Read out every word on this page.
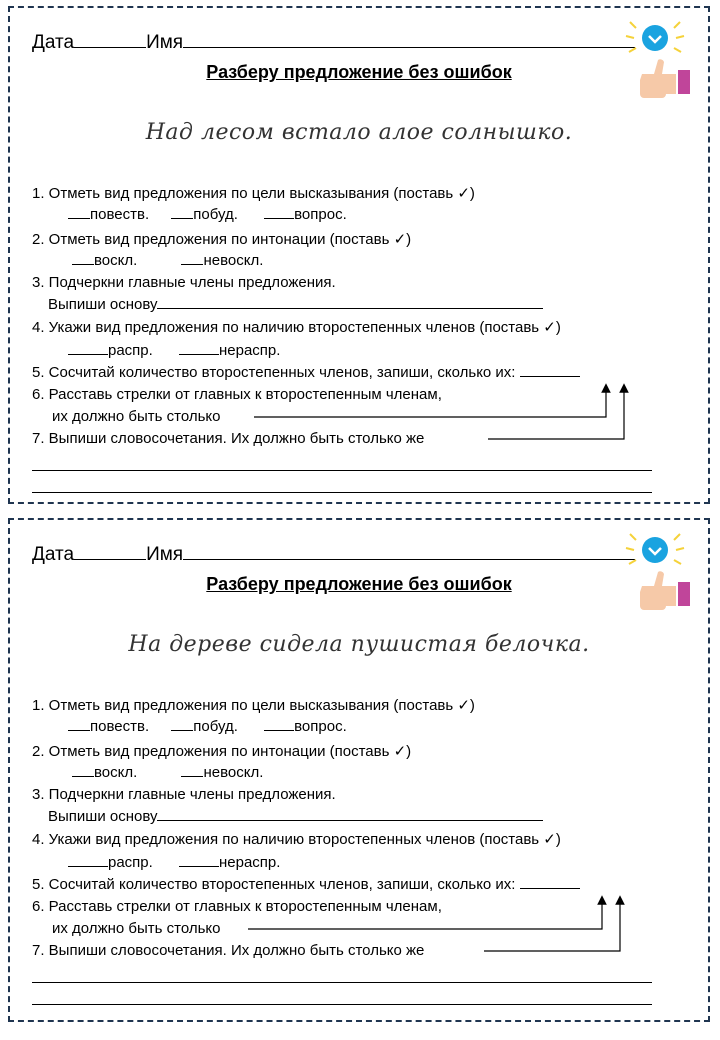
Дата	Имя
Разберу предложение без ошибок
Над лесом встало алое солнышко.
1. Отметь вид предложения по цели высказывания (поставь ✓)
повеств.	побуд.	вопрос.
2. Отметь вид предложения по интонации (поставь ✓)
воскл.	невоскл.
3. Подчеркни главные члены предложения.
Выпиши основу
4. Укажи вид предложения по наличию второстепенных членов (поставь ✓)
распр.	нераспр.
5. Сосчитай количество второстепенных членов, запиши, сколько их:
6. Расставь стрелки от главных к второстепенным членам,
их должно быть столько
7. Выпиши словосочетания. Их должно быть столько же
Дата	Имя
Разберу предложение без ошибок
На дереве сидела пушистая белочка.
1. Отметь вид предложения по цели высказывания (поставь ✓)
повеств.	побуд.	вопрос.
2. Отметь вид предложения по интонации (поставь ✓)
воскл.	невоскл.
3. Подчеркни главные члены предложения.
Выпиши основу
4. Укажи вид предложения по наличию второстепенных членов (поставь ✓)
распр.	нераспр.
5. Сосчитай количество второстепенных членов, запиши, сколько их:
6. Расставь стрелки от главных к второстепенным членам,
их должно быть столько
7. Выпиши словосочетания. Их должно быть столько же
